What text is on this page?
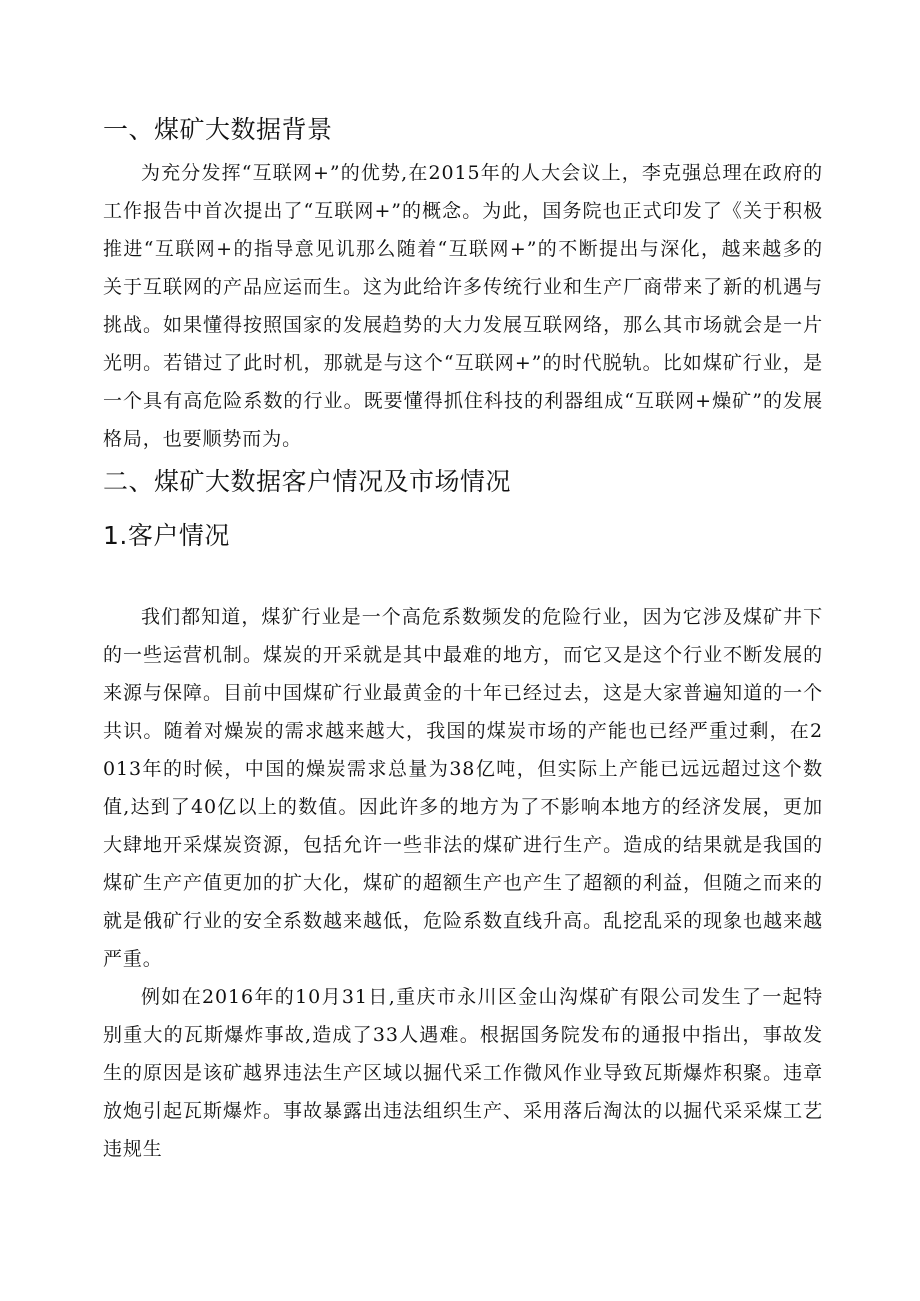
一、煤矿大数据背景

为充分发挥“互联网+”的优势,在2015年的人大会议上，李克强总理在政府的工作报告中首次提出了“互联网+”的概念。为此，国务院也正式印发了《关于积极推进“互联网+的指导意见讥那么随着“互联网+”的不断提出与深化，越来越多的关于互联网的产品应运而生。这为此给许多传统行业和生产厂商带来了新的机遇与挑战。如果懂得按照国家的发展趋势的大力发展互联网络，那么其市场就会是一片光明。若错过了此时机，那就是与这个“互联网+”的时代脱轨。比如煤矿行业，是一个具有高危险系数的行业。既要懂得抓住科技的利器组成“互联网+燥矿”的发展格局，也要顺势而为。

二、煤矿大数据客户情况及市场情况
1.客户情况

我们都知道，煤犷行业是一个高危系数频发的危险行业，因为它涉及煤矿井下的一些运营机制。煤炭的开采就是其中最难的地方，而它又是这个行业不断发展的来源与保障。目前中国煤矿行业最黄金的十年已经过去，这是大家普遍知道的一个共识。随着对燥炭的需求越来越大，我国的煤炭市场的产能也已经严重过剩，在2013年的时候，中国的燥炭需求总量为38亿吨，但实际上产能已远远超过这个数值,达到了40亿以上的数值。因此许多的地方为了不影响本地方的经济发展，更加大肆地开采煤炭资源，包括允许一些非法的煤矿进行生产。造成的结果就是我国的煤矿生产产值更加的扩大化，煤矿的超额生产也产生了超额的利益，但随之而来的就是俄矿行业的安全系数越来越低，危险系数直线升高。乱挖乱采的现象也越来越严重。

例如在2016年的10月31日,重庆市永川区金山沟煤矿有限公司发生了一起特别重大的瓦斯爆炸事故,造成了33人遇难。根据国务院发布的通报中指出，事故发生的原因是该矿越界违法生产区域以掘代采工作微风作业导致瓦斯爆炸积聚。违章放炮引起瓦斯爆炸。事故暴露出违法组织生产、采用落后淘汰的以掘代采采煤工艺违规生
